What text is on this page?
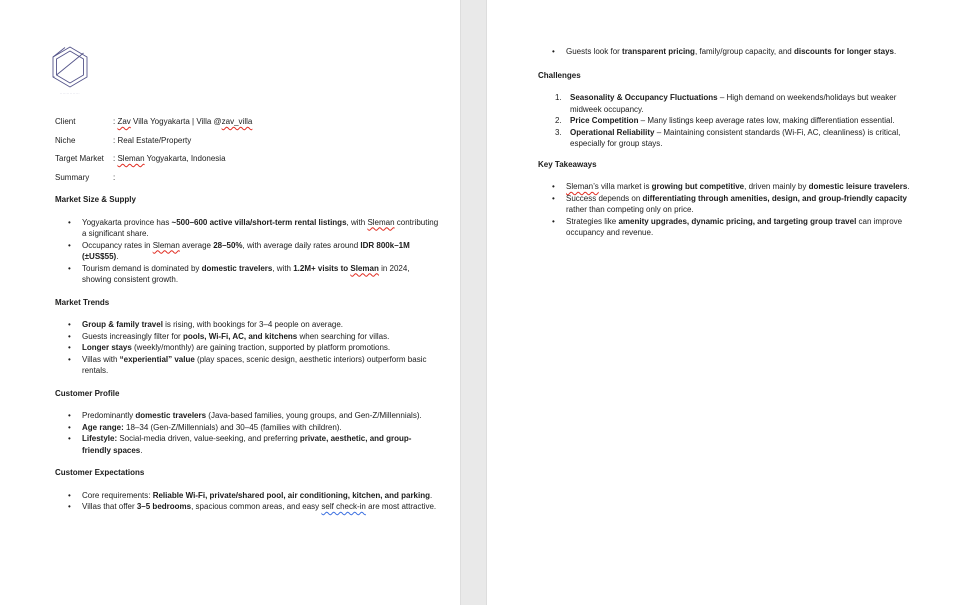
∙∙∙∙∙∙∙∙∙∙∙∙∙∙
Client	: Zav Villa Yogyakarta | Villa @zav_villa
Niche	: Real Estate/Property
Target Market	: Sleman Yogyakarta, Indonesia
Summary	:
Market Size & Supply
• Yogyakarta province has ~500–600 active villa/short-term rental listings, with Sleman contributing a significant share.
• Occupancy rates in Sleman average 28–50%, with average daily rates around IDR 800k–1M (±US$55).
• Tourism demand is dominated by domestic travelers, with 1.2M+ visits to Sleman in 2024, showing consistent growth.
Market Trends
• Group & family travel is rising, with bookings for 3–4 people on average.
• Guests increasingly filter for pools, Wi-Fi, AC, and kitchens when searching for villas.
• Longer stays (weekly/monthly) are gaining traction, supported by platform promotions.
• Villas with “experiential” value (play spaces, scenic design, aesthetic interiors) outperform basic rentals.
Customer Profile
• Predominantly domestic travelers (Java-based families, young groups, and Gen-Z/Millennials).
• Age range: 18–34 (Gen-Z/Millennials) and 30–45 (families with children).
• Lifestyle: Social-media driven, value-seeking, and preferring private, aesthetic, and group-friendly spaces.
Customer Expectations
• Core requirements: Reliable Wi-Fi, private/shared pool, air conditioning, kitchen, and parking.
• Villas that offer 3–5 bedrooms, spacious common areas, and easy self check-in are most attractive.
• Guests look for transparent pricing, family/group capacity, and discounts for longer stays.
Challenges
1. Seasonality & Occupancy Fluctuations – High demand on weekends/holidays but weaker midweek occupancy.
2. Price Competition – Many listings keep average rates low, making differentiation essential.
3. Operational Reliability – Maintaining consistent standards (Wi-Fi, AC, cleanliness) is critical, especially for group stays.
Key Takeaways
• Sleman’s villa market is growing but competitive, driven mainly by domestic leisure travelers.
• Success depends on differentiating through amenities, design, and group-friendly capacity rather than competing only on price.
• Strategies like amenity upgrades, dynamic pricing, and targeting group travel can improve occupancy and revenue.
